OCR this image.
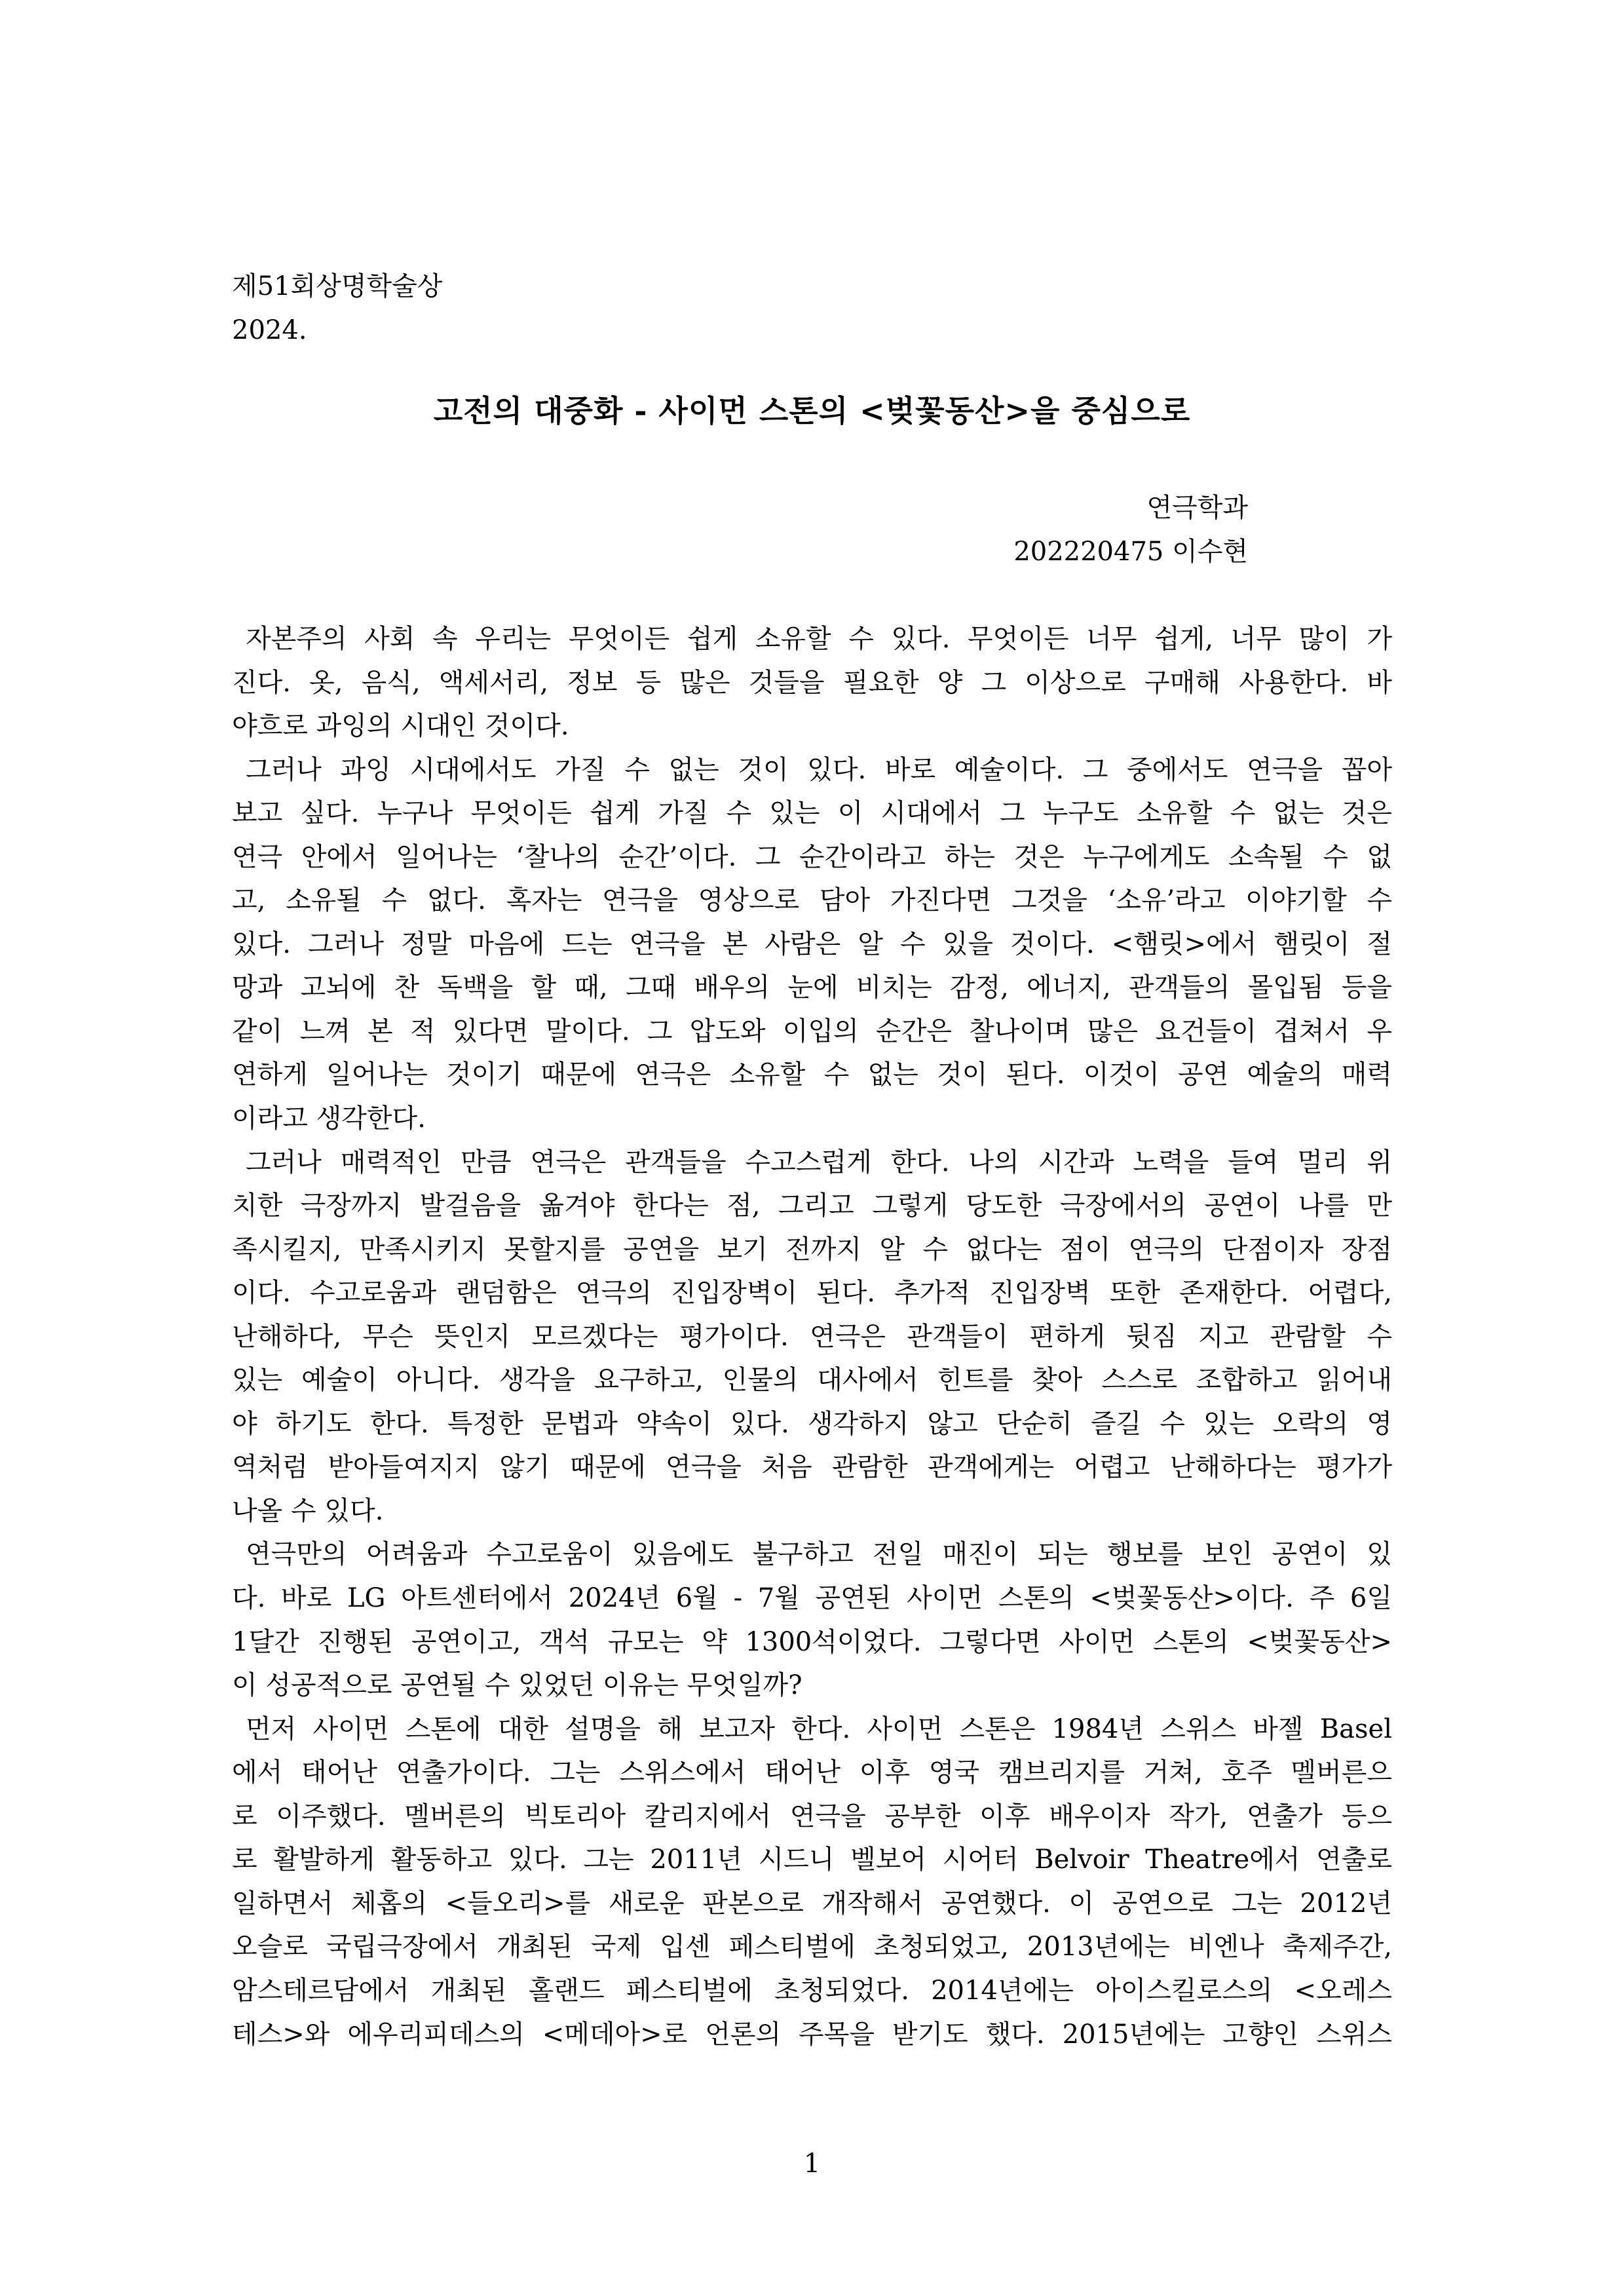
제51회상명학술상
2024.
고전의 대중화 - 사이먼 스톤의 <벚꽃동산>을 중심으로
연극학과
202220475 이수현
자본주의 사회 속 우리는 무엇이든 쉽게 소유할 수 있다. 무엇이든 너무 쉽게, 너무 많이 가
진다. 옷, 음식, 액세서리, 정보 등 많은 것들을 필요한 양 그 이상으로 구매해 사용한다. 바
야흐로 과잉의 시대인 것이다.
그러나 과잉 시대에서도 가질 수 없는 것이 있다. 바로 예술이다. 그 중에서도 연극을 꼽아
보고 싶다. 누구나 무엇이든 쉽게 가질 수 있는 이 시대에서 그 누구도 소유할 수 없는 것은
연극 안에서 일어나는 ‘찰나의 순간’이다. 그 순간이라고 하는 것은 누구에게도 소속될 수 없
고, 소유될 수 없다. 혹자는 연극을 영상으로 담아 가진다면 그것을 ‘소유’라고 이야기할 수
있다. 그러나 정말 마음에 드는 연극을 본 사람은 알 수 있을 것이다. <햄릿>에서 햄릿이 절
망과 고뇌에 찬 독백을 할 때, 그때 배우의 눈에 비치는 감정, 에너지, 관객들의 몰입됨 등을
같이 느껴 본 적 있다면 말이다. 그 압도와 이입의 순간은 찰나이며 많은 요건들이 겹쳐서 우
연하게 일어나는 것이기 때문에 연극은 소유할 수 없는 것이 된다. 이것이 공연 예술의 매력
이라고 생각한다.
그러나 매력적인 만큼 연극은 관객들을 수고스럽게 한다. 나의 시간과 노력을 들여 멀리 위
치한 극장까지 발걸음을 옮겨야 한다는 점, 그리고 그렇게 당도한 극장에서의 공연이 나를 만
족시킬지, 만족시키지 못할지를 공연을 보기 전까지 알 수 없다는 점이 연극의 단점이자 장점
이다. 수고로움과 랜덤함은 연극의 진입장벽이 된다. 추가적 진입장벽 또한 존재한다. 어렵다,
난해하다, 무슨 뜻인지 모르겠다는 평가이다. 연극은 관객들이 편하게 뒷짐 지고 관람할 수
있는 예술이 아니다. 생각을 요구하고, 인물의 대사에서 힌트를 찾아 스스로 조합하고 읽어내
야 하기도 한다. 특정한 문법과 약속이 있다. 생각하지 않고 단순히 즐길 수 있는 오락의 영
역처럼 받아들여지지 않기 때문에 연극을 처음 관람한 관객에게는 어렵고 난해하다는 평가가
나올 수 있다.
연극만의 어려움과 수고로움이 있음에도 불구하고 전일 매진이 되는 행보를 보인 공연이 있
다. 바로 LG 아트센터에서 2024년 6월 - 7월 공연된 사이먼 스톤의 <벚꽃동산>이다. 주 6일
1달간 진행된 공연이고, 객석 규모는 약 1300석이었다. 그렇다면 사이먼 스톤의 <벚꽃동산>
이 성공적으로 공연될 수 있었던 이유는 무엇일까?
먼저 사이먼 스톤에 대한 설명을 해 보고자 한다. 사이먼 스톤은 1984년 스위스 바젤 Basel
에서 태어난 연출가이다. 그는 스위스에서 태어난 이후 영국 캠브리지를 거쳐, 호주 멜버른으
로 이주했다. 멜버른의 빅토리아 칼리지에서 연극을 공부한 이후 배우이자 작가, 연출가 등으
로 활발하게 활동하고 있다. 그는 2011년 시드니 벨보어 시어터 Belvoir Theatre에서 연출로
일하면서 체홉의 <들오리>를 새로운 판본으로 개작해서 공연했다. 이 공연으로 그는 2012년
오슬로 국립극장에서 개최된 국제 입센 페스티벌에 초청되었고, 2013년에는 비엔나 축제주간,
암스테르담에서 개최된 홀랜드 페스티벌에 초청되었다. 2014년에는 아이스킬로스의 <오레스
테스>와 에우리피데스의 <메데아>로 언론의 주목을 받기도 했다. 2015년에는 고향인 스위스
1
